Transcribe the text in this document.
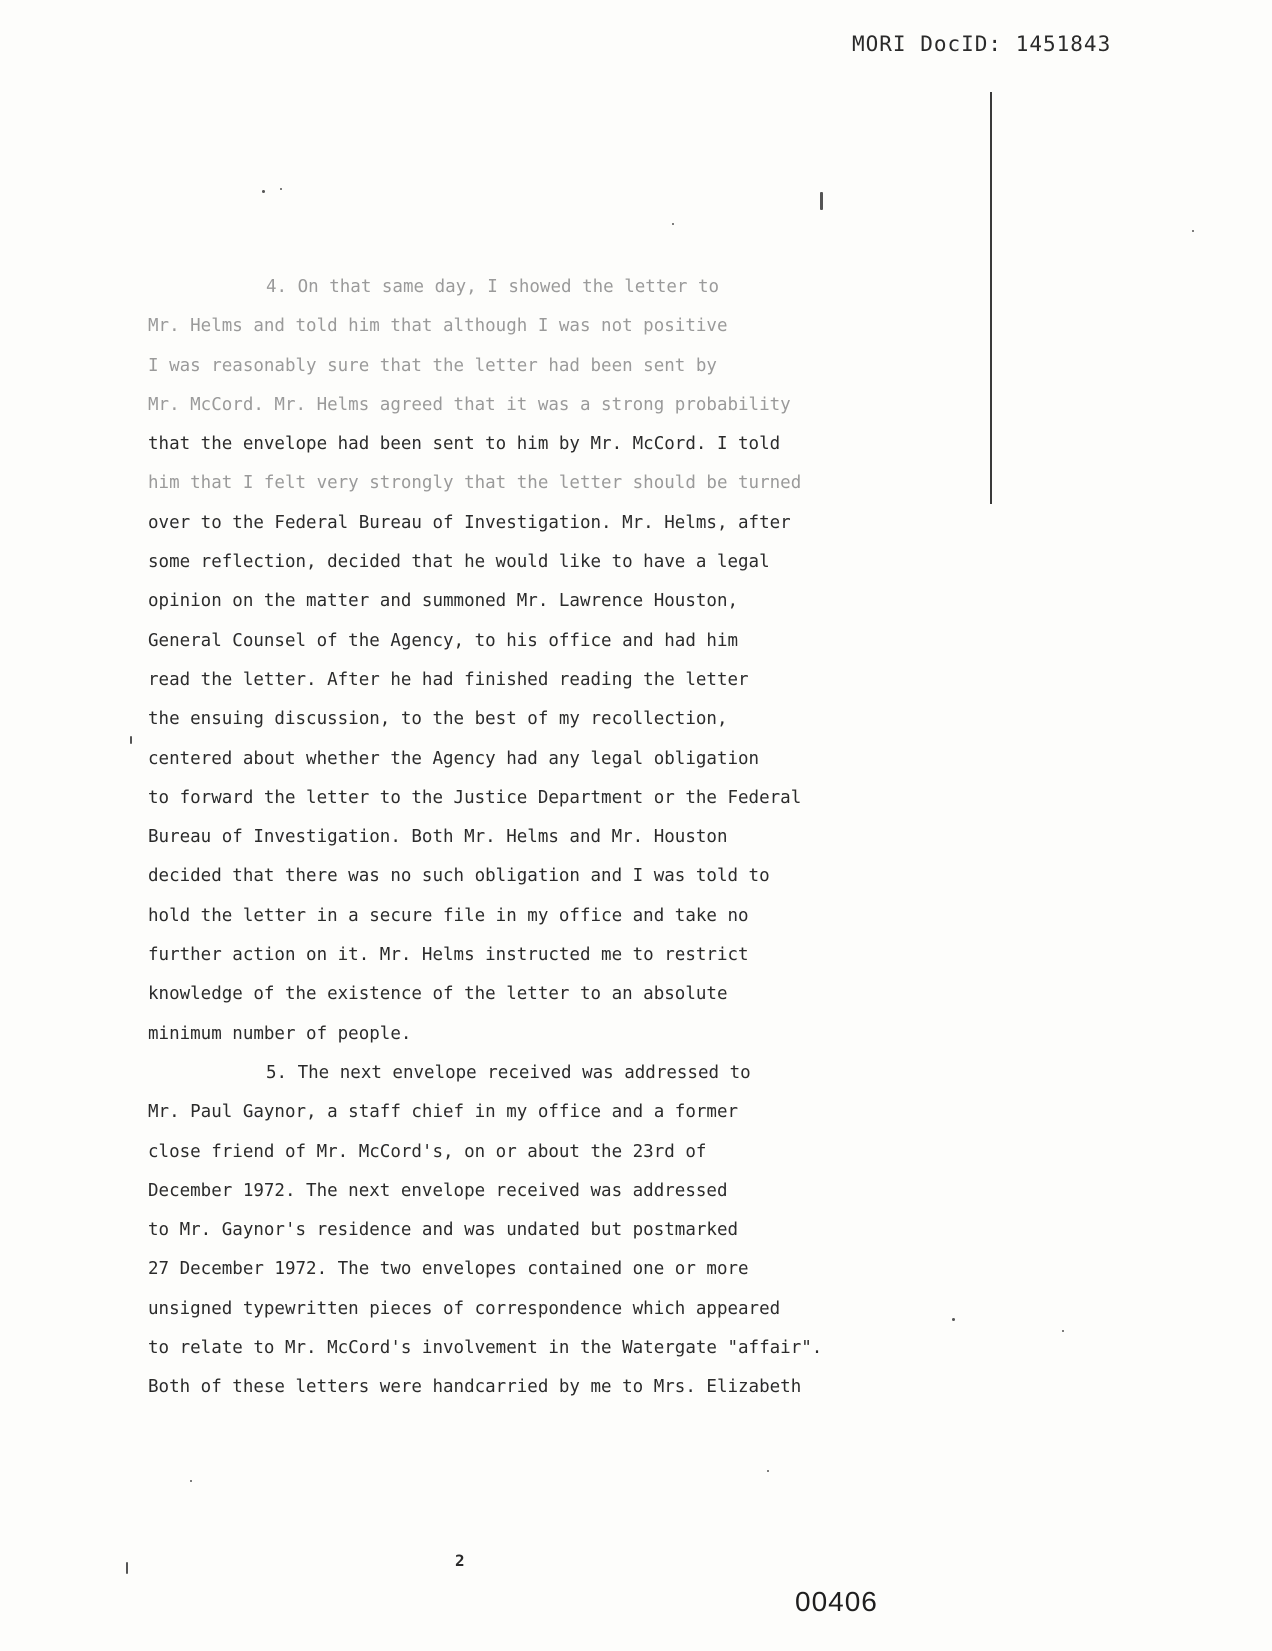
MORI DocID: 1451843
4. On that same day, I showed the letter to
Mr. Helms and told him that although I was not positive
I was reasonably sure that the letter had been sent by
Mr. McCord. Mr. Helms agreed that it was a strong probability
that the envelope had been sent to him by Mr. McCord. I told
him that I felt very strongly that the letter should be turned
over to the Federal Bureau of Investigation. Mr. Helms, after
some reflection, decided that he would like to have a legal
opinion on the matter and summoned Mr. Lawrence Houston,
General Counsel of the Agency, to his office and had him
read the letter. After he had finished reading the letter
the ensuing discussion, to the best of my recollection,
centered about whether the Agency had any legal obligation
to forward the letter to the Justice Department or the Federal
Bureau of Investigation. Both Mr. Helms and Mr. Houston
decided that there was no such obligation and I was told to
hold the letter in a secure file in my office and take no
further action on it. Mr. Helms instructed me to restrict
knowledge of the existence of the letter to an absolute
minimum number of people.
5. The next envelope received was addressed to
Mr. Paul Gaynor, a staff chief in my office and a former
close friend of Mr. McCord's, on or about the 23rd of
December 1972. The next envelope received was addressed
to Mr. Gaynor's residence and was undated but postmarked
27 December 1972. The two envelopes contained one or more
unsigned typewritten pieces of correspondence which appeared
to relate to Mr. McCord's involvement in the Watergate "affair".
Both of these letters were handcarried by me to Mrs. Elizabeth
2
00406
